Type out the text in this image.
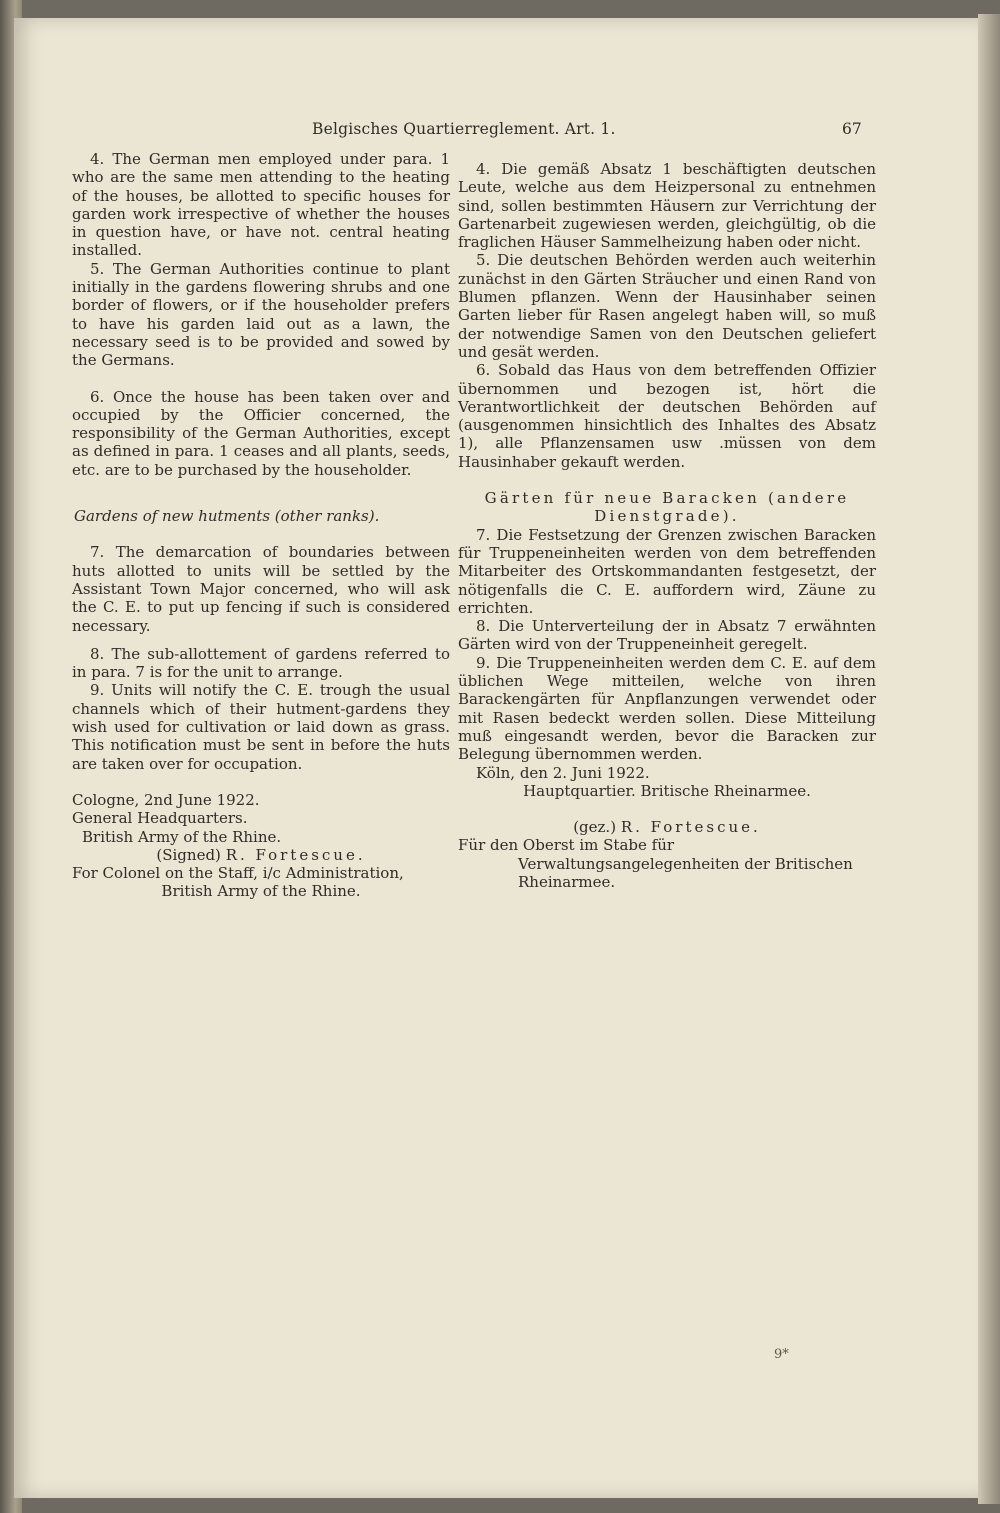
Belgisches Quartierreglement. Art. 1.	67

4. The German men employed under para. 1 who are the same men attending to the heating of the houses, be allotted to specific houses for garden work irrespective of whether the houses in question have, or have not. central heating installed.

5. The German Authorities continue to plant initially in the gardens flowering shrubs and one border of flowers, or if the householder prefers to have his garden laid out as a lawn, the necessary seed is to be provided and sowed by the Germans.

6. Once the house has been taken over and occupied by the Officier concerned, the responsibility of the German Authorities, except as defined in para. 1 ceases and all plants, seeds, etc. are to be purchased by the householder.

Gardens of new hutments (other ranks).

7. The demarcation of boundaries between huts allotted to units will be settled by the Assistant Town Major concerned, who will ask the C. E. to put up fencing if such is considered necessary.

8. The sub-allottement of gardens referred to in para. 7 is for the unit to arrange.

9. Units will notify the C. E. trough the usual channels which of their hutment-gardens they wish used for cultivation or laid down as grass. This notification must be sent in before the huts are taken over for occupation.

Cologne, 2nd June 1922.

General Headquarters.

British Army of the Rhine.

(Signed) R. Fortescue.

For Colonel on the Staff, i/c Administration,

British Army of the Rhine.

4. Die gemäß Absatz 1 beschäftigten deutschen Leute, welche aus dem Heizpersonal zu entnehmen sind, sollen bestimmten Häusern zur Verrichtung der Gartenarbeit zugewiesen werden, gleichgültig, ob die fraglichen Häuser Sammelheizung haben oder nicht.

5. Die deutschen Behörden werden auch weiterhin zunächst in den Gärten Sträucher und einen Rand von Blumen pflanzen. Wenn der Hausinhaber seinen Garten lieber für Rasen angelegt haben will, so muß der notwendige Samen von den Deutschen geliefert und gesät werden.

6. Sobald das Haus von dem betreffenden Offizier übernommen und bezogen ist, hört die Verantwortlichkeit der deutschen Behörden auf (ausgenommen hinsichtlich des Inhaltes des Absatz 1), alle Pflanzensamen usw .müssen von dem Hausinhaber gekauft werden.

Gärten für neue Baracken (andere Dienstgrade).

7. Die Festsetzung der Grenzen zwischen Baracken für Truppeneinheiten werden von dem betreffenden Mitarbeiter des Ortskommandanten festgesetzt, der nötigenfalls die C. E. auffordern wird, Zäune zu errichten.

8. Die Unterverteilung der in Absatz 7 erwähnten Gärten wird von der Truppeneinheit geregelt.

9. Die Truppeneinheiten werden dem C. E. auf dem üblichen Wege mitteilen, welche von ihren Barackengärten für Anpflanzungen verwendet oder mit Rasen bedeckt werden sollen. Diese Mitteilung muß eingesandt werden, bevor die Baracken zur Belegung übernommen werden.

Köln, den 2. Juni 1922.

Hauptquartier. Britische Rheinarmee.

(gez.) R. Fortescue.

Für den Oberst im Stabe für Verwaltungsangelegenheiten der Britischen Rheinarmee.

9*
